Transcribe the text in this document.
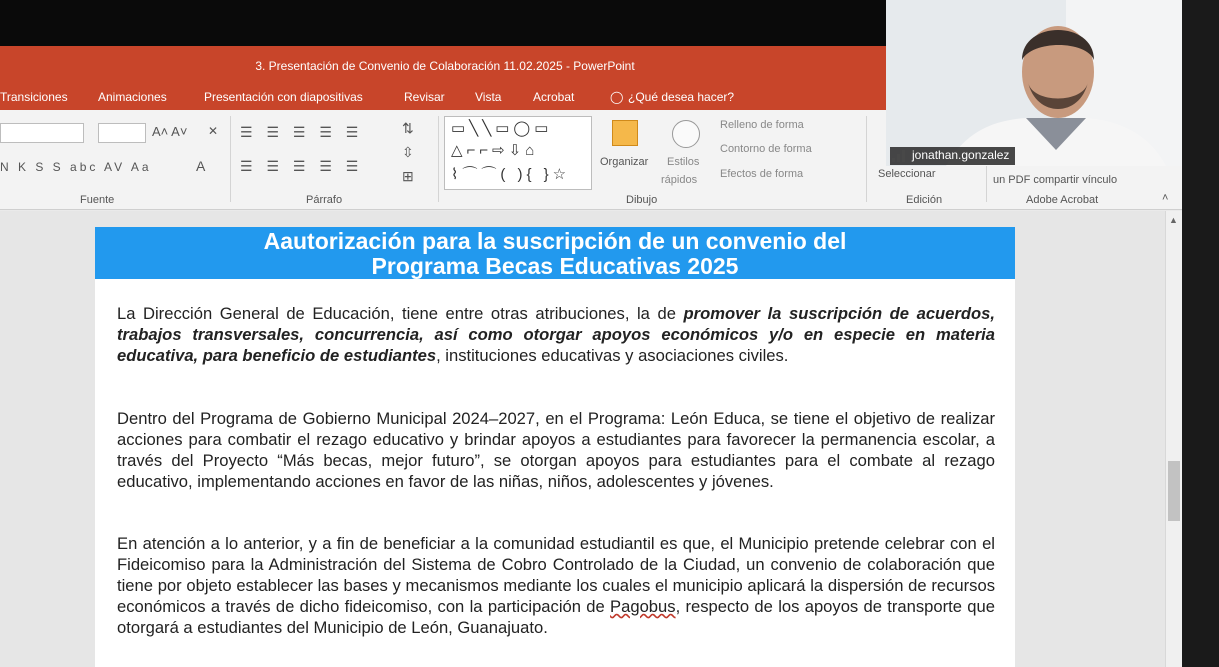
3. Presentación de Convenio de Colaboración 11.02.2025 - PowerPoint
Transiciones	Animaciones	Presentación con diapositivas	Revisar	Vista	Acrobat	◯ ¿Qué desea hacer?
A˄ A˅ ✕
N K S S abc AV Aa	A
Fuente
☰ ☰ ☰ ☰ ☰
☰ ☰ ☰ ☰ ☰
⇅
⇳
⊞
Párrafo
▭╲╲▭◯▭
△⌐⌐⇨⇩⌂
⌇⌒⌒( ){ }☆
Organizar Estilos
rápidos
Relleno de forma
Contorno de forma
Efectos de forma
Dibujo
Seleccionar
Edición
un PDF compartir vínculo
Adobe Acrobat	˄
Aautorización para la suscripción de un convenio del
Programa Becas Educativas 2025
La Dirección General de Educación, tiene entre otras atribuciones, la de promover la suscripción de acuerdos, trabajos transversales, concurrencia, así como otorgar apoyos económicos y/o en especie en materia educativa, para beneficio de estudiantes, instituciones educativas y asociaciones civiles.
Dentro del Programa de Gobierno Municipal 2024–2027, en el Programa: León Educa, se tiene el objetivo de realizar acciones para combatir el rezago educativo y brindar apoyos a estudiantes para favorecer la permanencia escolar, a través del Proyecto “Más becas, mejor futuro”, se otorgan apoyos para estudiantes para el combate al rezago educativo, implementando acciones en favor de las niñas, niños, adolescentes y jóvenes.
En atención a lo anterior, y a fin de beneficiar a la comunidad estudiantil es que, el Municipio pretende celebrar con el Fideicomiso para la Administración del Sistema de Cobro Controlado de la Ciudad, un convenio de colaboración que tiene por objeto establecer las bases y mecanismos mediante los cuales el municipio aplicará la dispersión de recursos económicos a través de dicho fideicomiso, con la participación de Pagobus, respecto de los apoyos de transporte que otorgará a estudiantes del Municipio de León, Guanajuato.
▲
jonathan.gonzalez
